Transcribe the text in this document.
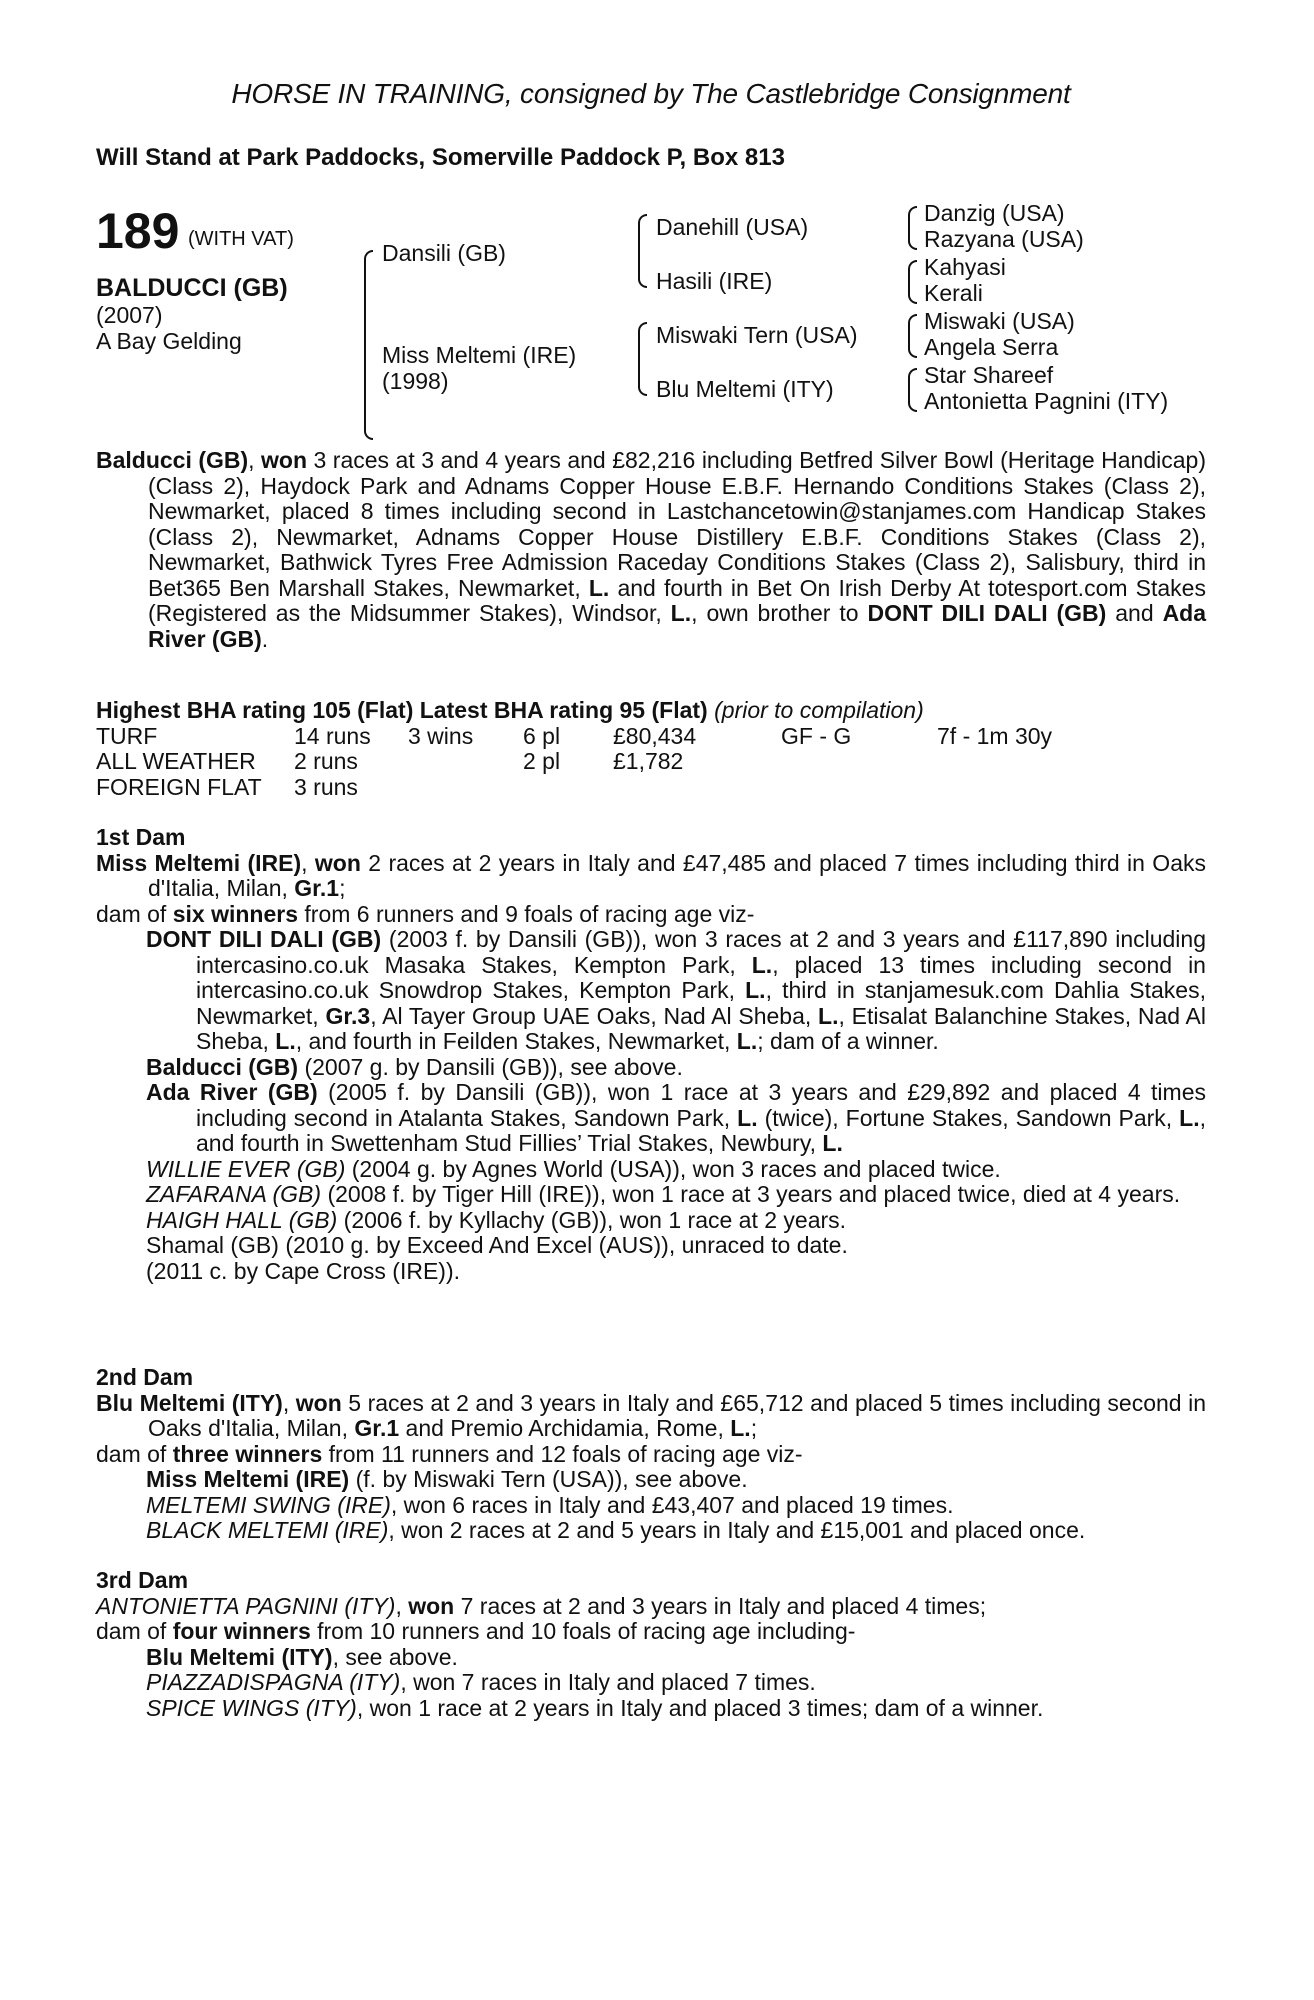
HORSE IN TRAINING, consigned by The Castlebridge Consignment
Will Stand at Park Paddocks, Somerville Paddock P, Box 813
189 (WITH VAT)
BALDUCCI (GB)
(2007)
A Bay Gelding
Dansili (GB)
Miss Meltemi (IRE)
(1998)
Danehill (USA)
Hasili (IRE)
Miswaki Tern (USA)
Blu Meltemi (ITY)
Danzig (USA)
Razyana (USA)
Kahyasi
Kerali
Miswaki (USA)
Angela Serra
Star Shareef
Antonietta Pagnini (ITY)

Balducci (GB), won 3 races at 3 and 4 years and £82,216 including Betfred Silver Bowl (Heritage Handicap) (Class 2), Haydock Park and Adnams Copper House E.B.F. Hernando Conditions Stakes (Class 2), Newmarket, placed 8 times including second in Lastchancetowin@stanjames.com Handicap Stakes (Class 2), Newmarket, Adnams Copper House Distillery E.B.F. Conditions Stakes (Class 2), Newmarket, Bathwick Tyres Free Admission Raceday Conditions Stakes (Class 2), Salisbury, third in Bet365 Ben Marshall Stakes, Newmarket, L. and fourth in Bet On Irish Derby At totesport.com Stakes (Registered as the Midsummer Stakes), Windsor, L., own brother to DONT DILI DALI (GB) and Ada River (GB).

Highest BHA rating 105 (Flat) Latest BHA rating 95 (Flat) (prior to compilation)

TURF	14 runs	3 wins	6 pl	£80,434	GF - G	7f - 1m 30y
ALL WEATHER	2 runs		2 pl	£1,782		
FOREIGN FLAT	3 runs					

1st Dam

Miss Meltemi (IRE), won 2 races at 2 years in Italy and £47,485 and placed 7 times including third in Oaks d'Italia, Milan, Gr.1;

dam of six winners from 6 runners and 9 foals of racing age viz-

DONT DILI DALI (GB) (2003 f. by Dansili (GB)), won 3 races at 2 and 3 years and £117,890 including intercasino.co.uk Masaka Stakes, Kempton Park, L., placed 13 times including second in intercasino.co.uk Snowdrop Stakes, Kempton Park, L., third in stanjamesuk.com Dahlia Stakes, Newmarket, Gr.3, Al Tayer Group UAE Oaks, Nad Al Sheba, L., Etisalat Balanchine Stakes, Nad Al Sheba, L., and fourth in Feilden Stakes, Newmarket, L.; dam of a winner.

Balducci (GB) (2007 g. by Dansili (GB)), see above.

Ada River (GB) (2005 f. by Dansili (GB)), won 1 race at 3 years and £29,892 and placed 4 times including second in Atalanta Stakes, Sandown Park, L. (twice), Fortune Stakes, Sandown Park, L., and fourth in Swettenham Stud Fillies’ Trial Stakes, Newbury, L.

WILLIE EVER (GB) (2004 g. by Agnes World (USA)), won 3 races and placed twice.

ZAFARANA (GB) (2008 f. by Tiger Hill (IRE)), won 1 race at 3 years and placed twice, died at 4 years.

HAIGH HALL (GB) (2006 f. by Kyllachy (GB)), won 1 race at 2 years.

Shamal (GB) (2010 g. by Exceed And Excel (AUS)), unraced to date.

(2011 c. by Cape Cross (IRE)).

2nd Dam

Blu Meltemi (ITY), won 5 races at 2 and 3 years in Italy and £65,712 and placed 5 times including second in Oaks d'Italia, Milan, Gr.1 and Premio Archidamia, Rome, L.;

dam of three winners from 11 runners and 12 foals of racing age viz-

Miss Meltemi (IRE) (f. by Miswaki Tern (USA)), see above.

MELTEMI SWING (IRE), won 6 races in Italy and £43,407 and placed 19 times.

BLACK MELTEMI (IRE), won 2 races at 2 and 5 years in Italy and £15,001 and placed once.

3rd Dam

ANTONIETTA PAGNINI (ITY), won 7 races at 2 and 3 years in Italy and placed 4 times;

dam of four winners from 10 runners and 10 foals of racing age including-

Blu Meltemi (ITY), see above.

PIAZZADISPAGNA (ITY), won 7 races in Italy and placed 7 times.

SPICE WINGS (ITY), won 1 race at 2 years in Italy and placed 3 times; dam of a winner.
